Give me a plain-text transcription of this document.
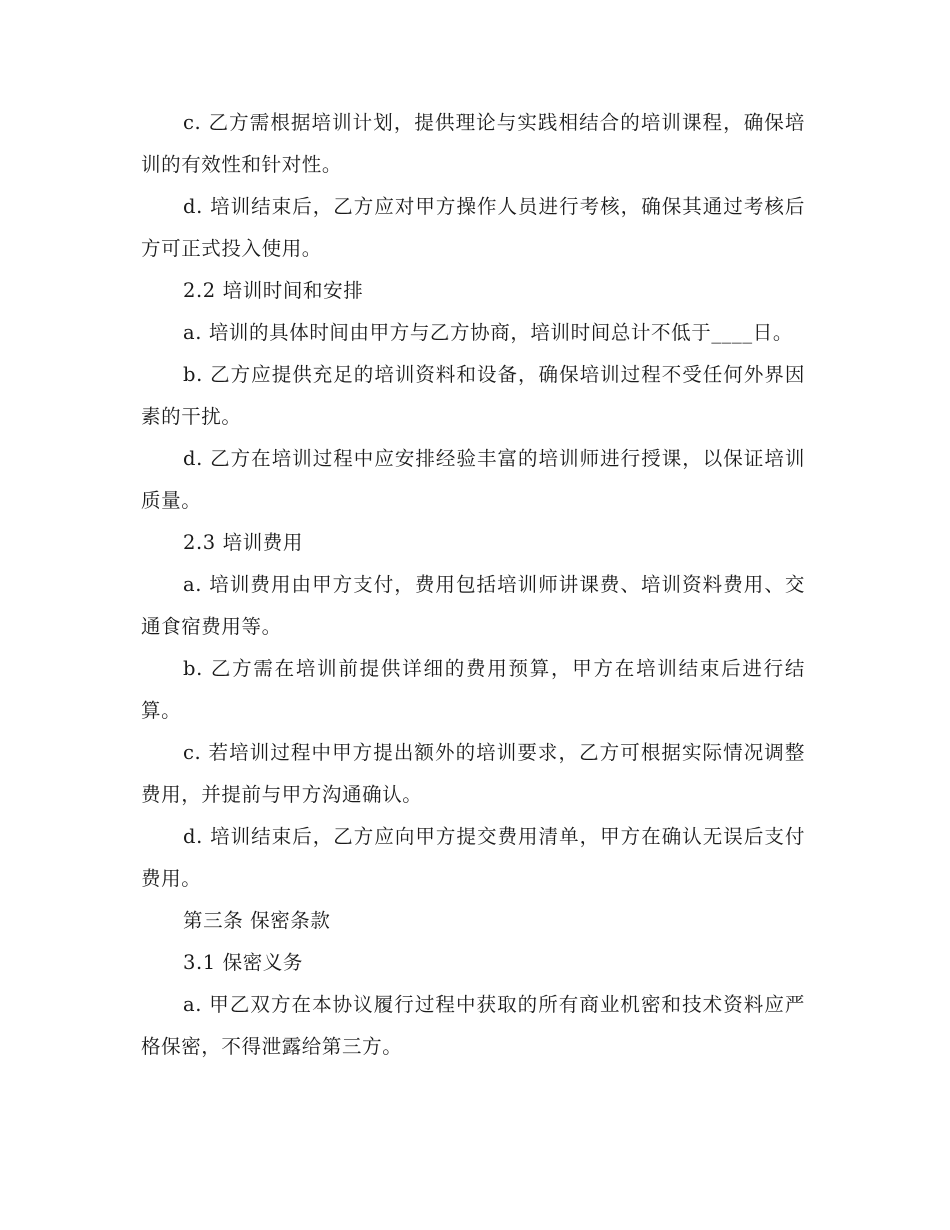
c. 乙方需根据培训计划，提供理论与实践相结合的培训课程，确保培训的有效性和针对性。

d. 培训结束后，乙方应对甲方操作人员进行考核，确保其通过考核后方可正式投入使用。

2.2 培训时间和安排

a. 培训的具体时间由甲方与乙方协商，培训时间总计不低于____日。

b. 乙方应提供充足的培训资料和设备，确保培训过程不受任何外界因素的干扰。

d. 乙方在培训过程中应安排经验丰富的培训师进行授课，以保证培训质量。

2.3 培训费用

a. 培训费用由甲方支付，费用包括培训师讲课费、培训资料费用、交通食宿费用等。

b. 乙方需在培训前提供详细的费用预算，甲方在培训结束后进行结算。

c. 若培训过程中甲方提出额外的培训要求，乙方可根据实际情况调整费用，并提前与甲方沟通确认。

d. 培训结束后，乙方应向甲方提交费用清单，甲方在确认无误后支付费用。

第三条 保密条款

3.1 保密义务

a. 甲乙双方在本协议履行过程中获取的所有商业机密和技术资料应严格保密，不得泄露给第三方。
